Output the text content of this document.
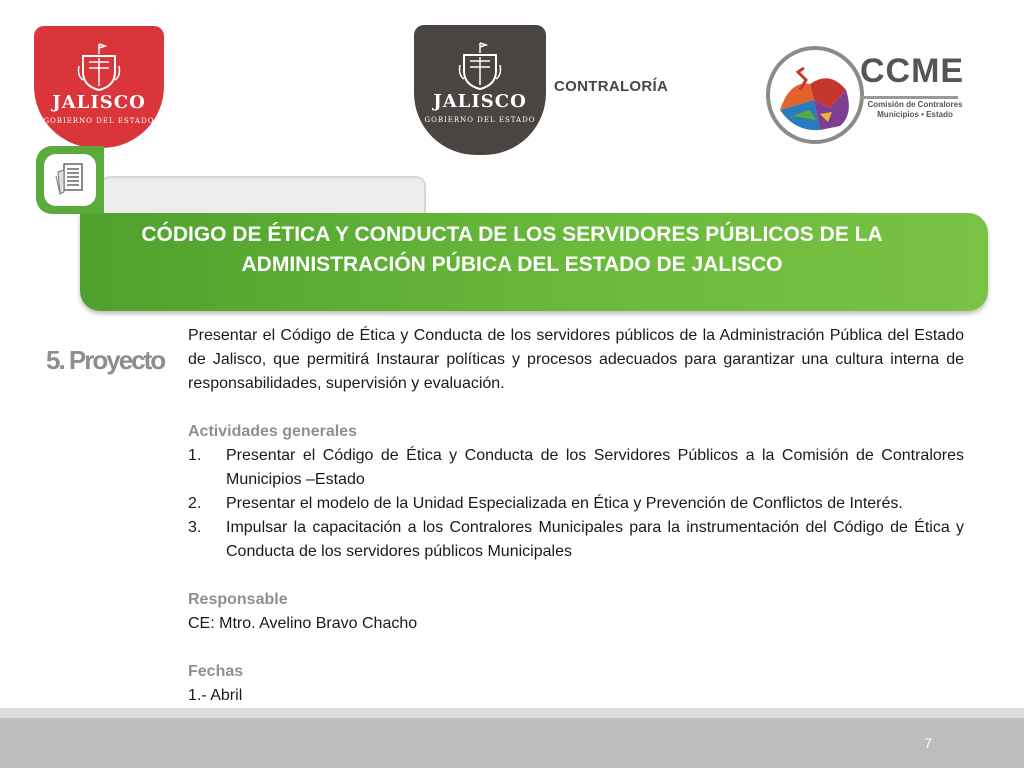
JALISCO
GOBIERNO DEL ESTADO
JALISCO
GOBIERNO DEL ESTADO
CONTRALORÍA	CCME
Comisión de Contralores Municipios • Estado
CÓDIGO DE ÉTICA Y CONDUCTA DE LOS SERVIDORES PÚBLICOS DE LA ADMINISTRACIÓN PÚBICA DEL ESTADO DE JALISCO
5. Proyecto

Presentar el Código de Ética y Conducta de los servidores públicos de la Administración Pública del Estado de Jalisco, que permitirá Instaurar políticas y procesos adecuados para garantizar una cultura interna de responsabilidades, supervisión y evaluación.

Actividades generales

1. Presentar el Código de Ética y Conducta de los Servidores Públicos a la Comisión de Contralores Municipios –Estado
2. Presentar el modelo de la Unidad Especializada en Ética y Prevención de Conflictos de Interés.
3. Impulsar la capacitación a los Contralores Municipales para la instrumentación del Código de Ética y Conducta de los servidores públicos Municipales

Responsable

CE: Mtro. Avelino Bravo Chacho

Fechas

1.- Abril

7
